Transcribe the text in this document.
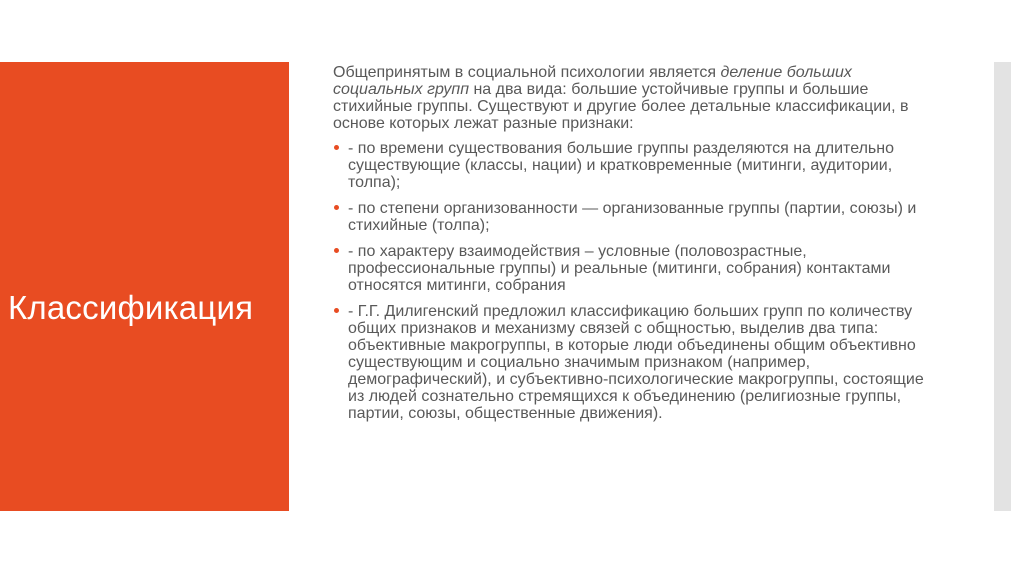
Классификация

Общепринятым в социальной психологии является деление больших социальных групп на два вида: большие устойчивые группы и большие стихийные группы. Существуют и другие более детальные классификации, в основе которых лежат разные признаки:

- по времени существования большие группы разделяются на длительно существующие (классы, нации) и кратковременные (митинги, аудитории, толпа);
- по степени организованности — организованные группы (партии, союзы) и стихийные (толпа);
- по характеру взаимодействия – условные (половозрастные, профессиональные группы) и реальные (митинги, собрания) контактами относятся митинги, собрания
- Г.Г. Дилигенский предложил классификацию больших групп по количеству общих признаков и механизму связей с общностью, выделив два типа: объективные макрогруппы, в которые люди объединены общим объективно существующим и социально значимым признаком (например, демографический), и субъективно-психологические макрогруппы, состоящие из людей сознательно стремящихся к объединению (религиозные группы, партии, союзы, общественные движения).
